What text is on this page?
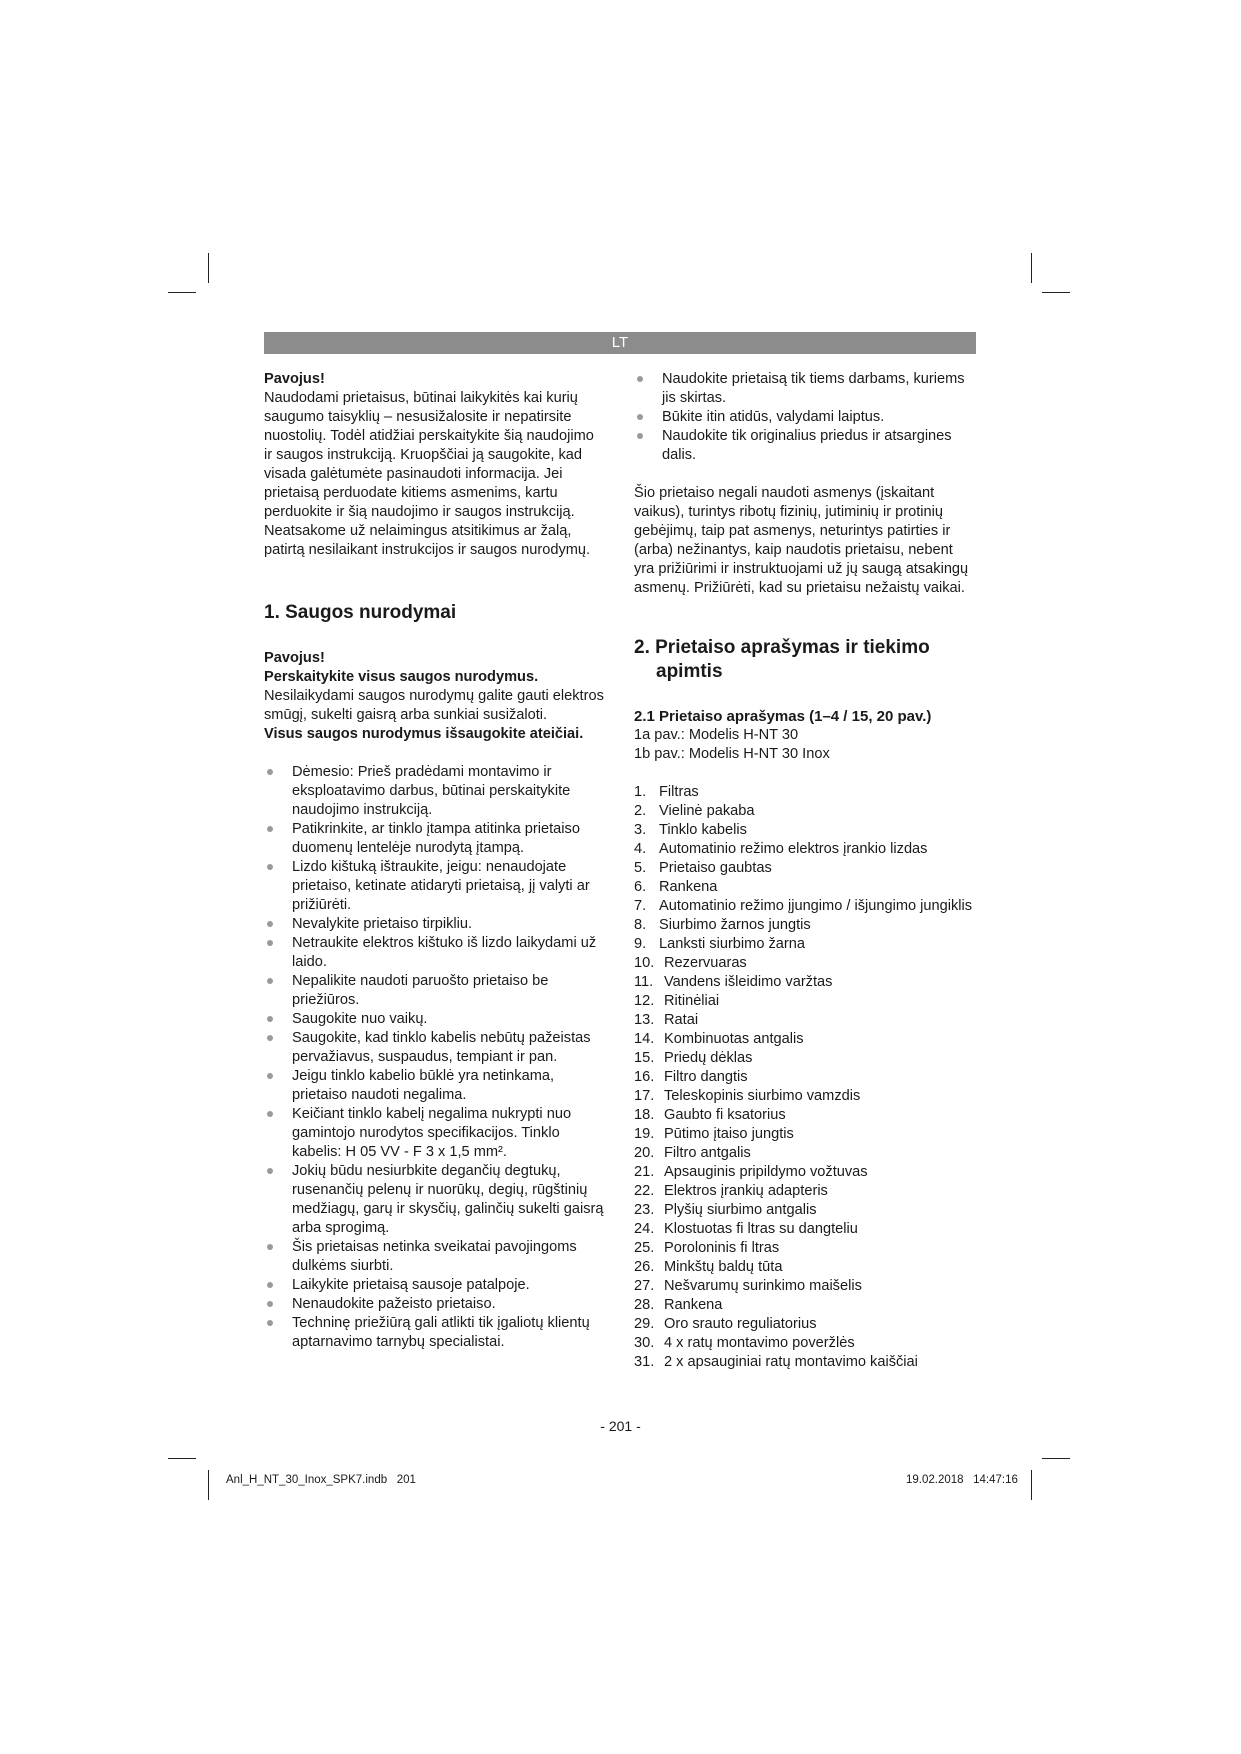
LT

Pavojus!

Naudodami prietaisus, būtinai laikykitės kai kurių saugumo taisyklių – nesusižalosite ir nepatirsite nuostolių. Todėl atidžiai perskaitykite šią naudojimo ir saugos instrukciją. Kruopščiai ją saugokite, kad visada galėtumėte pasinaudoti informacija. Jei prietaisą perduodate kitiems asmenims, kartu perduokite ir šią naudojimo ir saugos instrukciją. Neatsakome už nelaimingus atsitikimus ar žalą, patirtą nesilaikant instrukcijos ir saugos nurodymų.

1. Saugos nurodymai

Pavojus!

Perskaitykite visus saugos nurodymus. Nesilaikydami saugos nurodymų galite gauti elektros smūgį, sukelti gaisrą arba sunkiai susižaloti.

Visus saugos nurodymus išsaugokite ateičiai.

Dėmesio: Prieš pradėdami montavimo ir eksploatavimo darbus, būtinai perskaitykite naudojimo instrukciją.
Patikrinkite, ar tinklo įtampa atitinka prietaiso duomenų lentelėje nurodytą įtampą.
Lizdo kištuką ištraukite, jeigu: nenaudojate prietaiso, ketinate atidaryti prietaisą, jį valyti ar prižiūrėti.
Nevalykite prietaiso tirpikliu.
Netraukite elektros kištuko iš lizdo laikydami už laido.
Nepalikite naudoti paruošto prietaiso be priežiūros.
Saugokite nuo vaikų.
Saugokite, kad tinklo kabelis nebūtų pažeistas pervažiavus, suspaudus, tempiant ir pan.
Jeigu tinklo kabelio būklė yra netinkama, prietaiso naudoti negalima.
Keičiant tinklo kabelį negalima nukrypti nuo gamintojo nurodytos specifikacijos. Tinklo kabelis: H 05 VV - F 3 x 1,5 mm².
Jokių būdu nesiurbkite degančių degtukų, rusenančių pelenų ir nuorūkų, degių, rūgštinių medžiagų, garų ir skysčių, galinčių sukelti gaisrą arba sprogimą.
Šis prietaisas netinka sveikatai pavojingoms dulkėms siurbti.
Laikykite prietaisą sausoje patalpoje.
Nenaudokite pažeisto prietaiso.
Techninę priežiūrą gali atlikti tik įgaliotų klientų aptarnavimo tarnybų specialistai.
Naudokite prietaisą tik tiems darbams, kuriems jis skirtas.
Būkite itin atidūs, valydami laiptus.
Naudokite tik originalius priedus ir atsargines dalis.

Šio prietaiso negali naudoti asmenys (įskaitant vaikus), turintys ribotų fizinių, jutiminių ir protinių gebėjimų, taip pat asmenys, neturintys patirties ir (arba) nežinantys, kaip naudotis prietaisu, nebent yra prižiūrimi ir instruktuojami už jų saugą atsakingų asmenų. Prižiūrėti, kad su prietaisu nežaistų vaikai.

2. Prietaiso aprašymas ir tiekimo apimtis
2.1 Prietaiso aprašymas (1–4 / 15, 20 pav.)

1a pav.: Modelis H-NT 30

1b pav.: Modelis H-NT 30 Inox

1. Filtras
2. Vielinė pakaba
3. Tinklo kabelis
4. Automatinio režimo elektros įrankio lizdas
5. Prietaiso gaubtas
6. Rankena
7. Automatinio režimo įjungimo / išjungimo jungiklis
8. Siurbimo žarnos jungtis
9. Lanksti siurbimo žarna
10. Rezervuaras
11. Vandens išleidimo varžtas
12. Ritinėliai
13. Ratai
14. Kombinuotas antgalis
15. Priedų dėklas
16. Filtro dangtis
17. Teleskopinis siurbimo vamzdis
18. Gaubto fi ksatorius
19. Pūtimo įtaiso jungtis
20. Filtro antgalis
21. Apsauginis pripildymo vožtuvas
22. Elektros įrankių adapteris
23. Plyšių siurbimo antgalis
24. Klostuotas fi ltras su dangteliu
25. Poroloninis fi ltras
26. Minkštų baldų tūta
27. Nešvarumų surinkimo maišelis
28. Rankena
29. Oro srauto reguliatorius
30. 4 x ratų montavimo poveržlės
31. 2 x apsauginiai ratų montavimo kaiščiai
- 201 -
Anl_H_NT_30_Inox_SPK7.indb   201	19.02.2018   14:47:16
